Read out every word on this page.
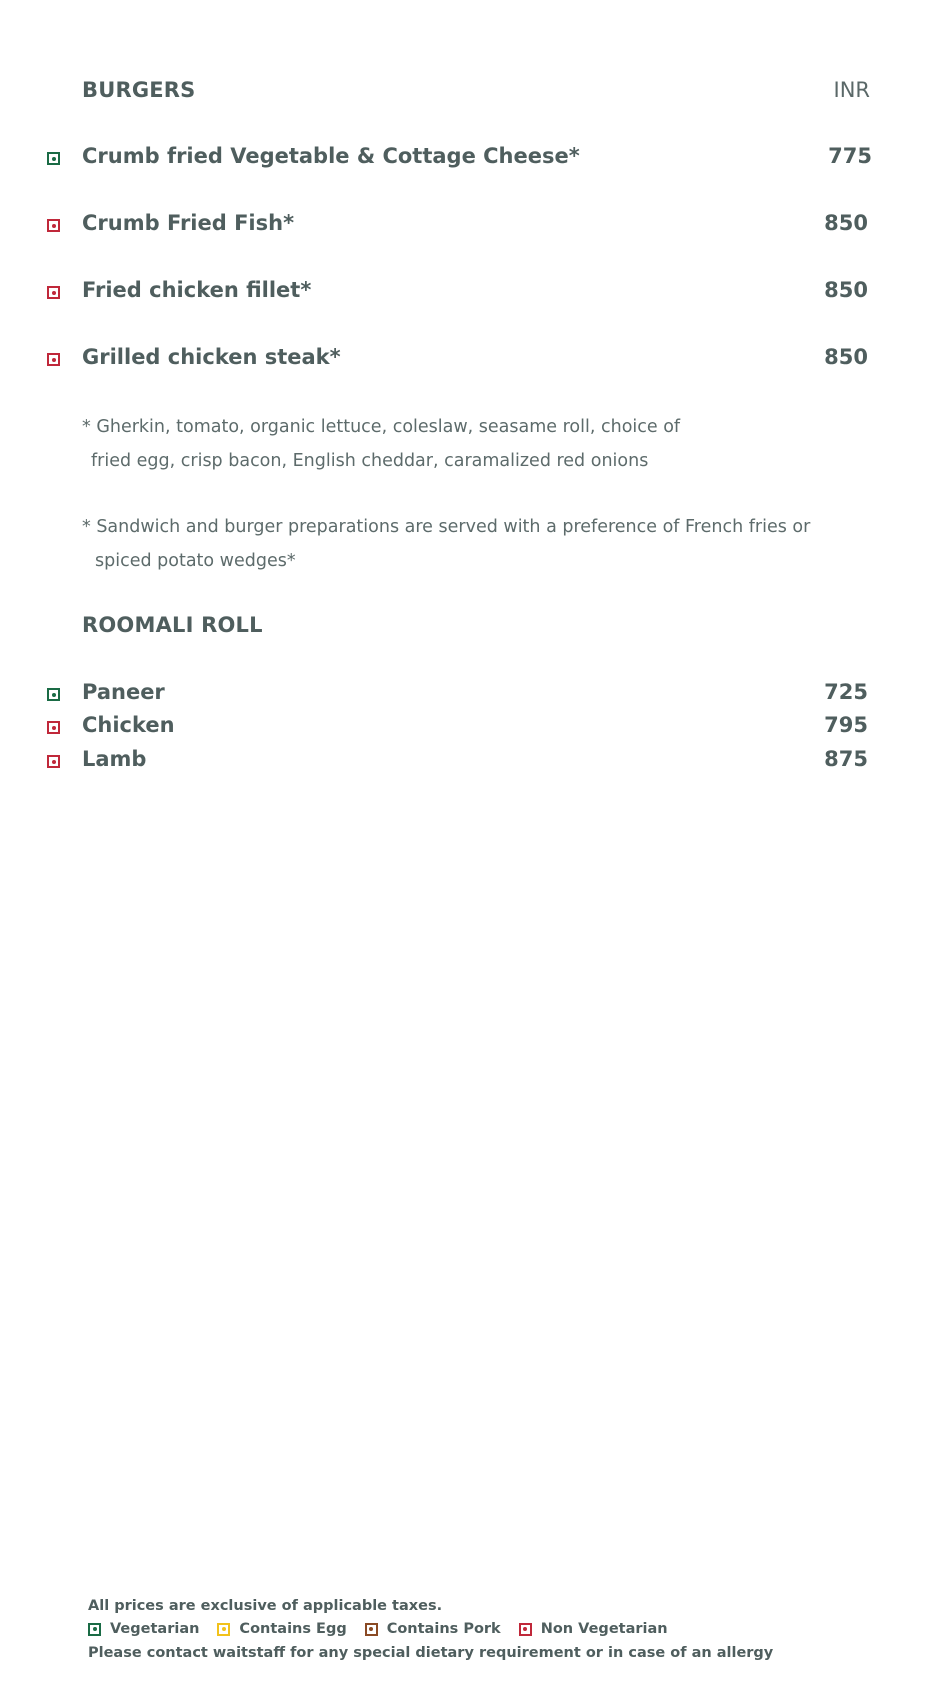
BURGERS	INR
Crumb fried Vegetable & Cottage Cheese*	775
Crumb Fried Fish*	850
Fried chicken fillet*	850
Grilled chicken steak*	850
* Gherkin, tomato, organic lettuce, coleslaw, seasame roll, choice of
fried egg, crisp bacon, English cheddar, caramalized red onions
* Sandwich and burger preparations are served with a preference of French fries or
spiced potato wedges*
ROOMALI ROLL
Paneer	725
Chicken	795
Lamb	875
All prices are exclusive of applicable taxes.
Vegetarian	Contains Egg	Contains Pork	Non Vegetarian
Please contact waitstaff for any special dietary requirement or in case of an allergy
